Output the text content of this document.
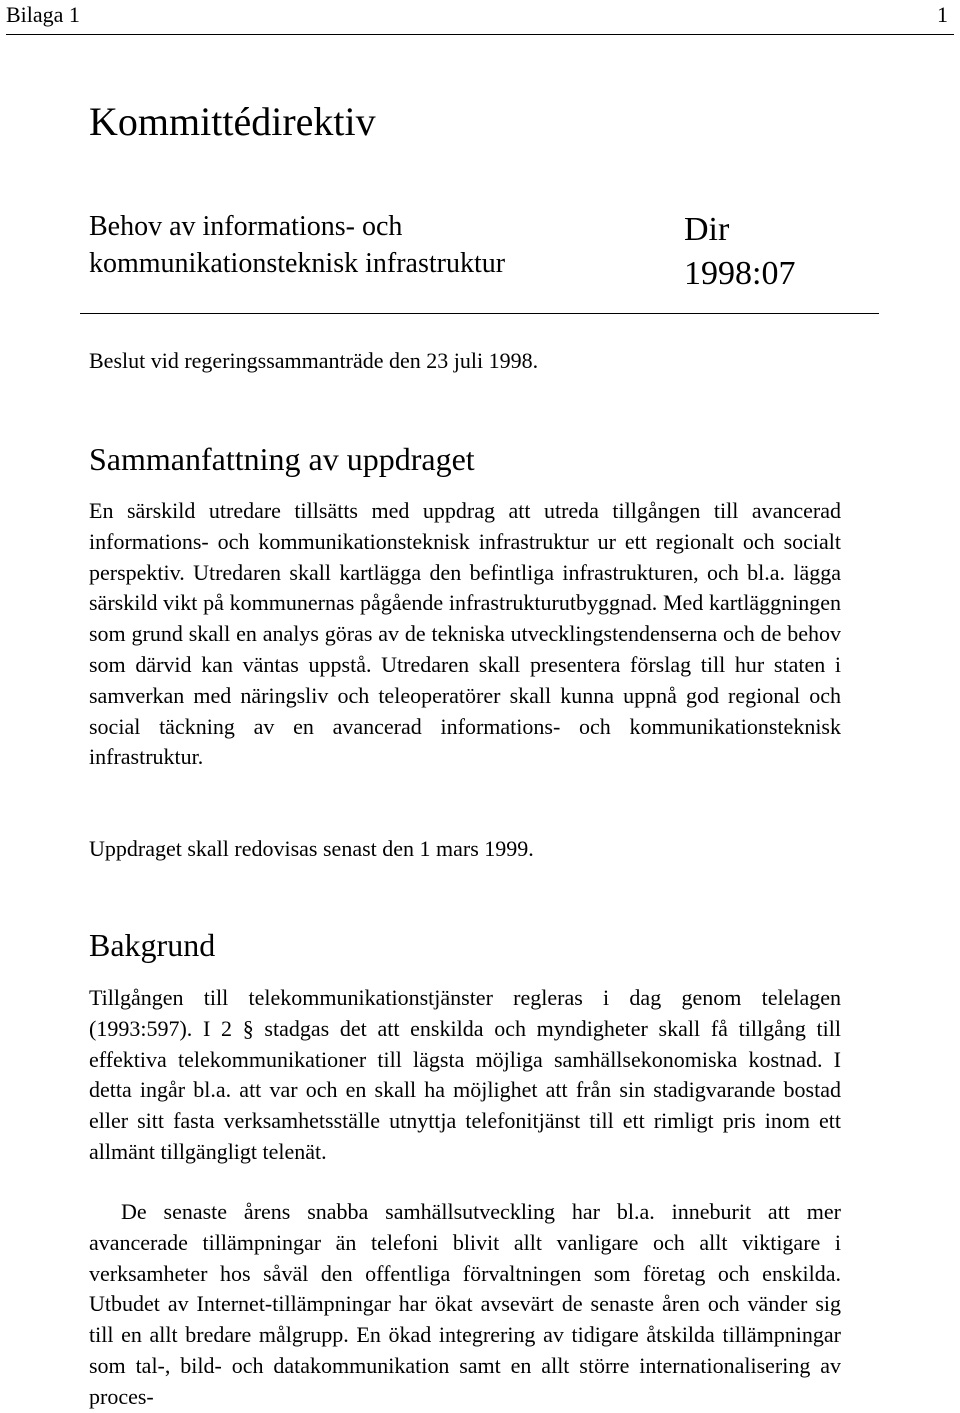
Bilaga 1	1
Kommittédirektiv
Behov av informations- och
kommunikationsteknisk infrastruktur
Dir
1998:07
Beslut vid regeringssammanträde den 23 juli 1998.
Sammanfattning av uppdraget

En särskild utredare tillsätts med uppdrag att utreda tillgången till avancerad informations- och kommunikationsteknisk infrastruktur ur ett regionalt och socialt perspektiv. Utredaren skall kartlägga den befintliga infrastrukturen, och bl.a. lägga särskild vikt på kommunernas pågående infrastrukturutbyggnad. Med kartläggningen som grund skall en analys göras av de tekniska utvecklingstendenserna och de behov som därvid kan väntas uppstå. Utredaren skall presentera förslag till hur staten i samverkan med näringsliv och teleoperatörer skall kunna uppnå god regional och social täckning av en avancerad informations- och kommunikationsteknisk infrastruktur.

Uppdraget skall redovisas senast den 1 mars 1999.

Bakgrund

Tillgången till telekommunikationstjänster regleras i dag genom telelagen (1993:597). I 2 § stadgas det att enskilda och myndigheter skall få tillgång till effektiva telekommunikationer till lägsta möjliga samhällsekonomiska kostnad. I detta ingår bl.a. att var och en skall ha möjlighet att från sin stadigvarande bostad eller sitt fasta verksamhetsställe utnyttja telefonitjänst till ett rimligt pris inom ett allmänt tillgängligt telenät.

De senaste årens snabba samhällsutveckling har bl.a. inneburit att mer avancerade tillämpningar än telefoni blivit allt vanligare och allt viktigare i verksamheter hos såväl den offentliga förvaltningen som företag och enskilda. Utbudet av Internet-tillämpningar har ökat avsevärt de senaste åren och vänder sig till en allt bredare målgrupp. En ökad integrering av tidigare åtskilda tillämpningar som tal-, bild- och datakommunikation samt en allt större internationalisering av proces-
